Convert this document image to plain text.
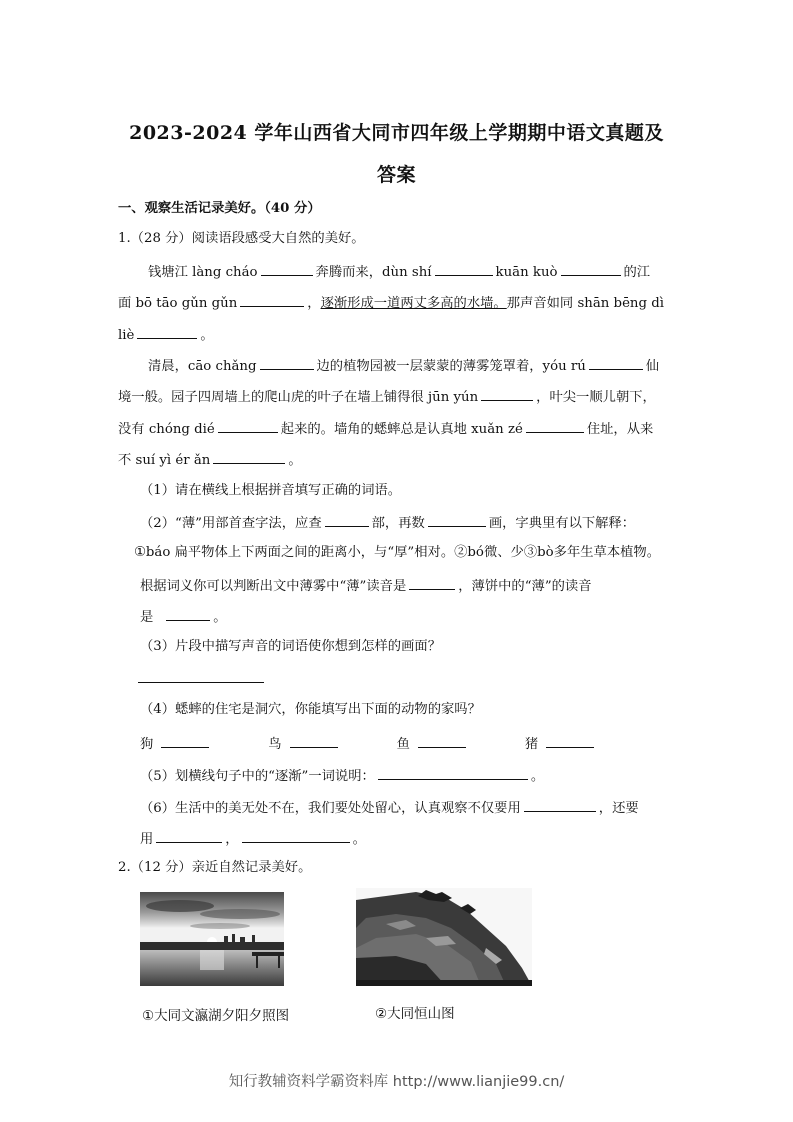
2023-2024 学年山西省大同市四年级上学期期中语文真题及
答案
一、观察生活记录美好。（40 分）
1.（28 分）阅读语段感受大自然的美好。
钱塘江 làng cháo	奔腾而来，dùn shí	kuān kuò	的江
面 bō tāo gǔn gǔn	，逐渐形成一道两丈多高的水墙。那声音如同 shān bēng dì
liè	。
清晨，cāo chǎng	边的植物园被一层蒙蒙的薄雾笼罩着，yóu rú	仙
境一般。园子四周墙上的爬山虎的叶子在墙上铺得很 jūn yún	，叶尖一顺儿朝下，
没有 chóng dié	起来的。墙角的蟋蟀总是认真地 xuǎn zé	住址，从来
不 suí yì ér ǎn	。
（1）请在横线上根据拼音填写正确的词语。
（2）“薄”用部首查字法，应查	部，再数	画，字典里有以下解释：
①báo 扁平物体上下两面之间的距离小，与“厚”相对。②bó微、少③bò多年生草本植物。
根据词义你可以判断出文中薄雾中“薄”读音是	，薄饼中的“薄”的读音
是	。
（3）片段中描写声音的词语使你想到怎样的画面？
（4）蟋蟀的住宅是洞穴，你能填写出下面的动物的家吗？
狗	鸟	鱼	猪
（5）划横线句子中的“逐渐”一词说明：	。
（6）生活中的美无处不在，我们要处处留心，认真观察不仅要用	，还要
用	，	。
2.（12 分）亲近自然记录美好。
①大同文瀛湖夕阳夕照图	②大同恒山图
知行教辅资料学霸资料库 http://www.lianjie99.cn/
